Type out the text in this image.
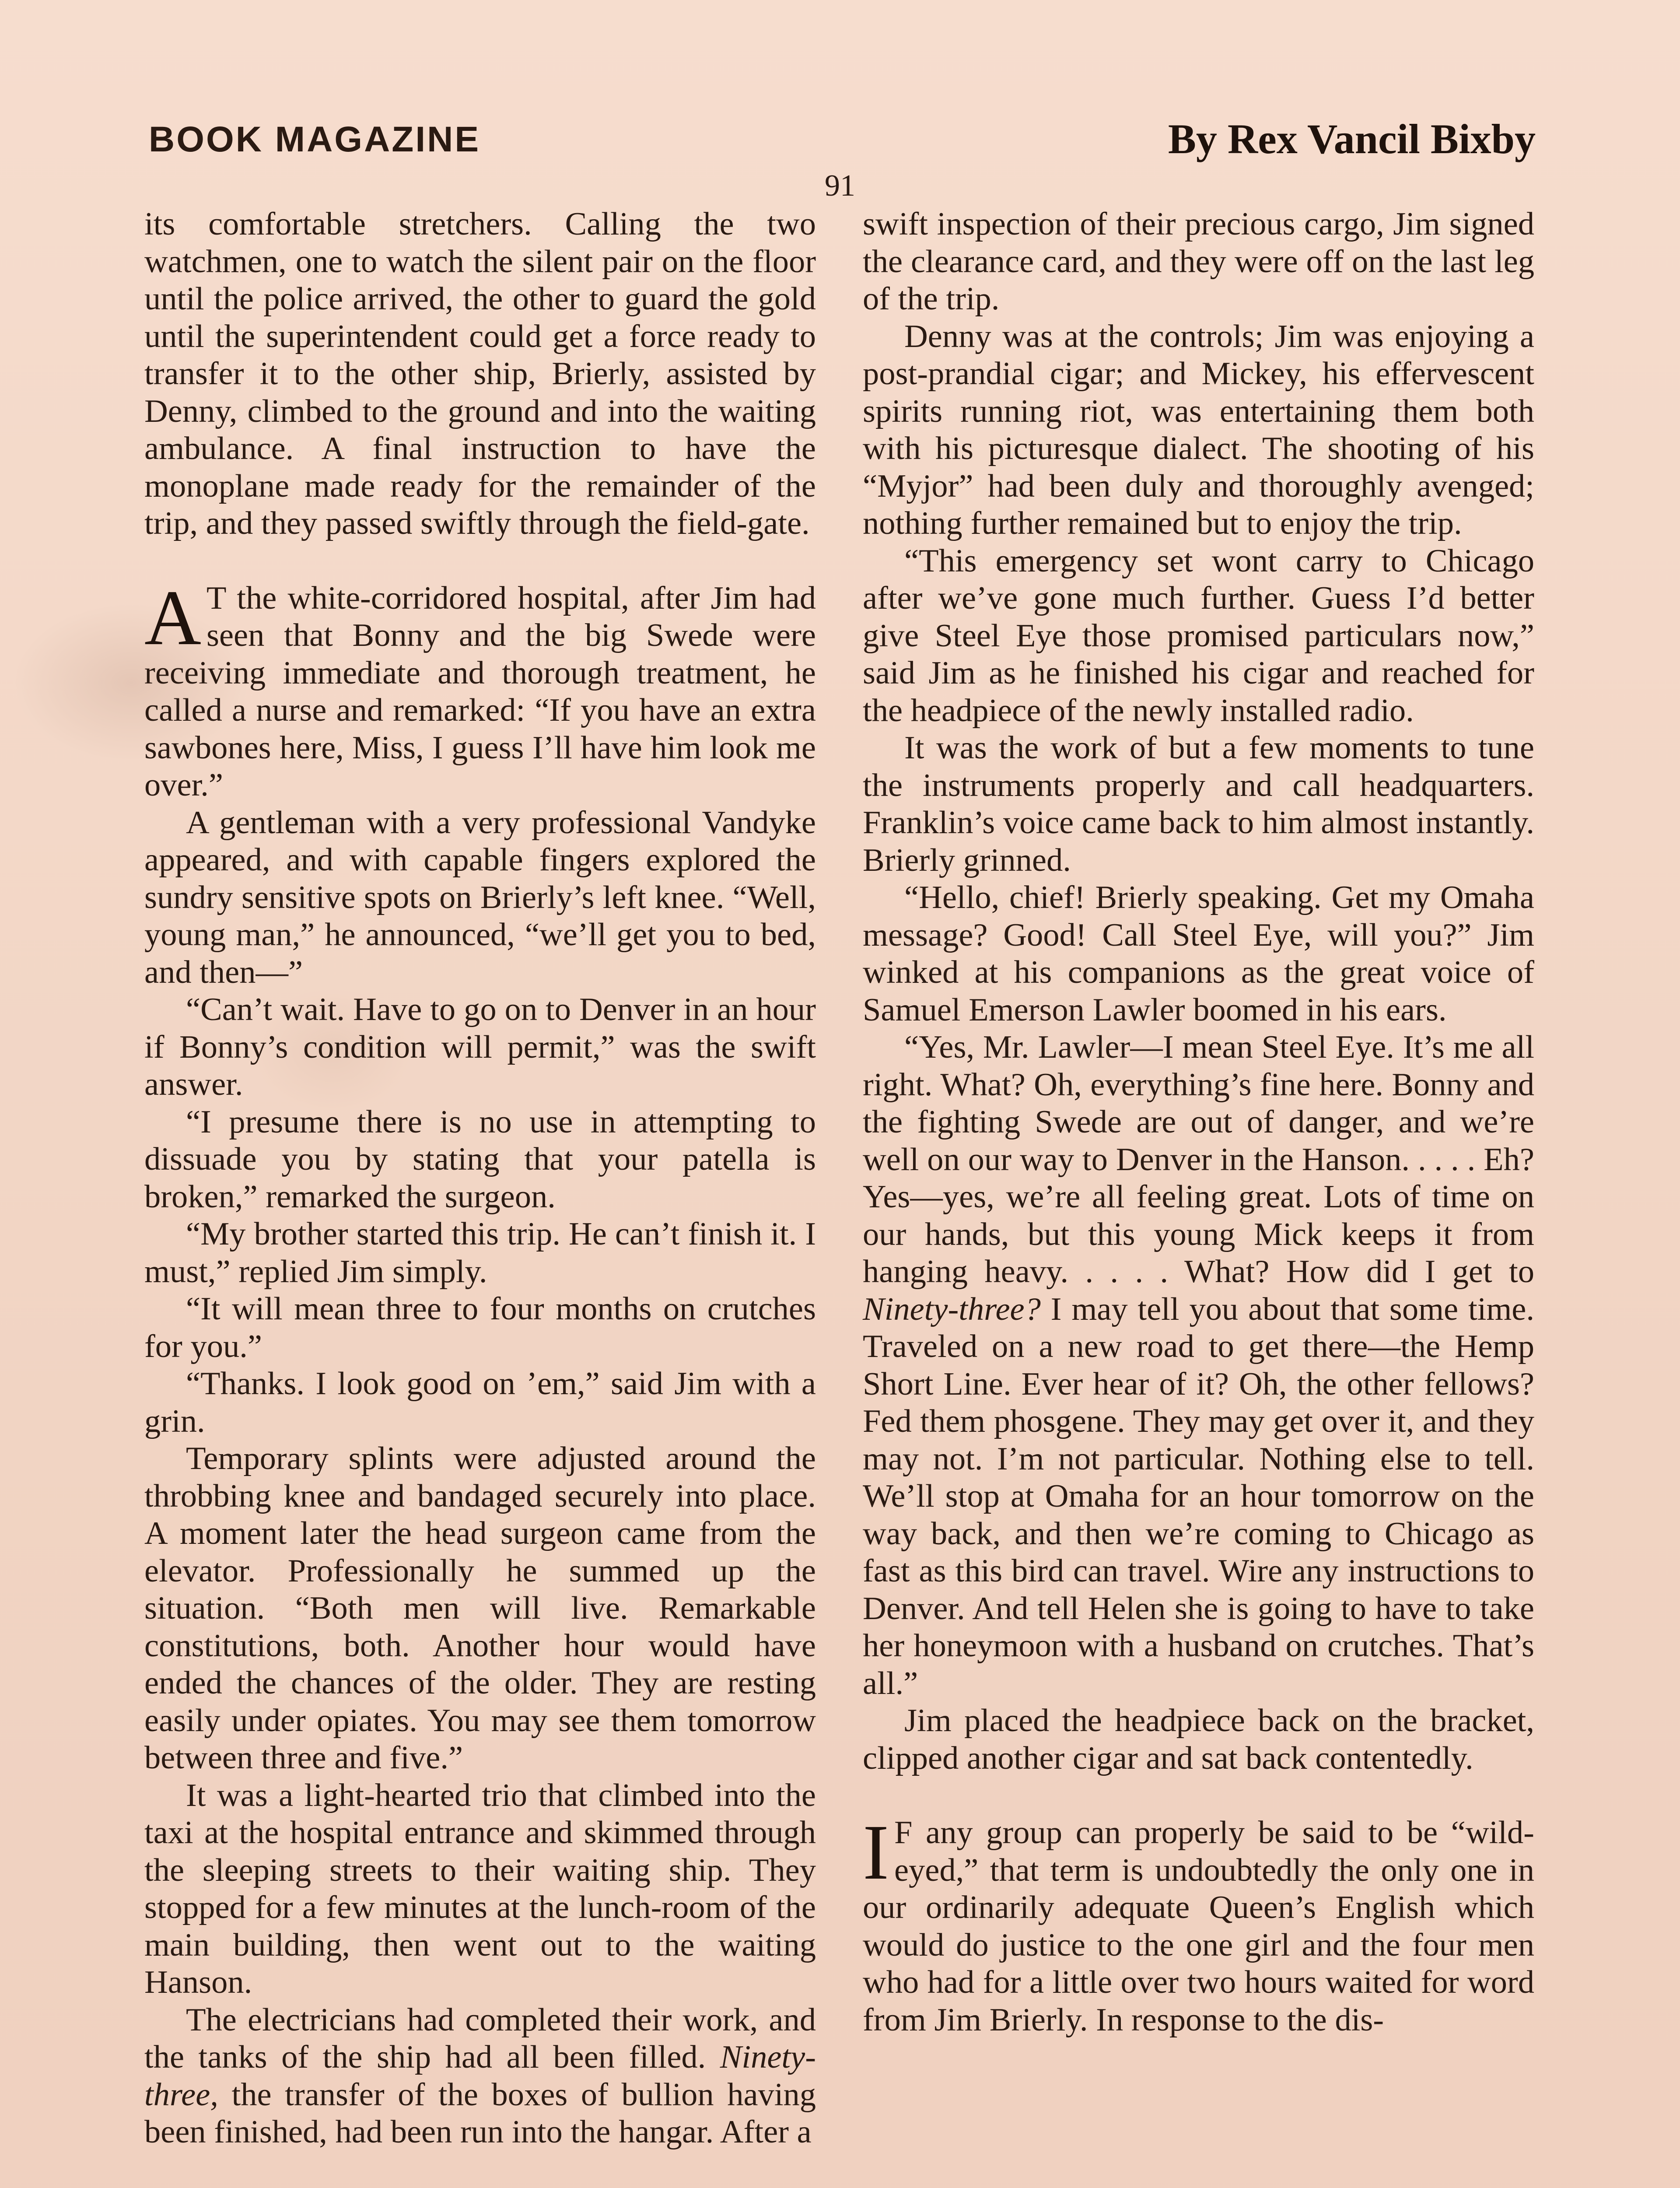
BOOK MAGAZINE	By Rex Vancil Bixby
91

its comfortable stretchers. Calling the two watchmen, one to watch the silent pair on the floor until the police arrived, the other to guard the gold until the superintendent could get a force ready to transfer it to the other ship, Brierly, assisted by Denny, climbed to the ground and into the waiting ambulance. A final instruction to have the monoplane made ready for the remainder of the trip, and they passed swiftly through the field-gate.

A T the white-corridored hospital, after Jim had seen that Bonny and the big Swede were receiving immediate and thorough treatment, he called a nurse and remarked: “If you have an extra sawbones here, Miss, I guess I’ll have him look me over.”

A gentleman with a very professional Vandyke appeared, and with capable fingers explored the sundry sensitive spots on Brierly’s left knee. “Well, young man,” he announced, “we’ll get you to bed, and then—”

“Can’t wait. Have to go on to Denver in an hour if Bonny’s condition will permit,” was the swift answer.

“I presume there is no use in attempting to dissuade you by stating that your patella is broken,” remarked the surgeon.

“My brother started this trip. He can’t finish it. I must,” replied Jim simply.

“It will mean three to four months on crutches for you.”

“Thanks. I look good on ’em,” said Jim with a grin.

Temporary splints were adjusted around the throbbing knee and bandaged securely into place. A moment later the head surgeon came from the elevator. Professionally he summed up the situation. “Both men will live. Remarkable constitutions, both. Another hour would have ended the chances of the older. They are resting easily under opiates. You may see them tomorrow between three and five.”

It was a light-hearted trio that climbed into the taxi at the hospital entrance and skimmed through the sleeping streets to their waiting ship. They stopped for a few minutes at the lunch-room of the main building, then went out to the waiting Hanson.

The electricians had completed their work, and the tanks of the ship had all been filled. Ninety-three, the transfer of the boxes of bullion having been finished, had been run into the hangar. After a

swift inspection of their precious cargo, Jim signed the clearance card, and they were off on the last leg of the trip.

Denny was at the controls; Jim was enjoying a post-prandial cigar; and Mickey, his effervescent spirits running riot, was entertaining them both with his picturesque dialect. The shooting of his “Myjor” had been duly and thoroughly avenged; nothing further remained but to enjoy the trip.

“This emergency set wont carry to Chicago after we’ve gone much further. Guess I’d better give Steel Eye those promised particulars now,” said Jim as he finished his cigar and reached for the headpiece of the newly installed radio.

It was the work of but a few moments to tune the instruments properly and call headquarters. Franklin’s voice came back to him almost instantly. Brierly grinned.

“Hello, chief! Brierly speaking. Get my Omaha message? Good! Call Steel Eye, will you?” Jim winked at his companions as the great voice of Samuel Emerson Lawler boomed in his ears.

“Yes, Mr. Lawler—I mean Steel Eye. It’s me all right. What? Oh, everything’s fine here. Bonny and the fighting Swede are out of danger, and we’re well on our way to Denver in the Hanson. . . . . Eh? Yes—yes, we’re all feeling great. Lots of time on our hands, but this young Mick keeps it from hanging heavy. . . . . What? How did I get to Ninety-three? I may tell you about that some time. Traveled on a new road to get there—the Hemp Short Line. Ever hear of it? Oh, the other fellows? Fed them phosgene. They may get over it, and they may not. I’m not particular. Nothing else to tell. We’ll stop at Omaha for an hour tomorrow on the way back, and then we’re coming to Chicago as fast as this bird can travel. Wire any instructions to Denver. And tell Helen she is going to have to take her honeymoon with a husband on crutches. That’s all.”

Jim placed the headpiece back on the bracket, clipped another cigar and sat back contentedly.

I F any group can properly be said to be “wild-eyed,” that term is undoubtedly the only one in our ordinarily adequate Queen’s English which would do justice to the one girl and the four men who had for a little over two hours waited for word from Jim Brierly. In response to the dis-
